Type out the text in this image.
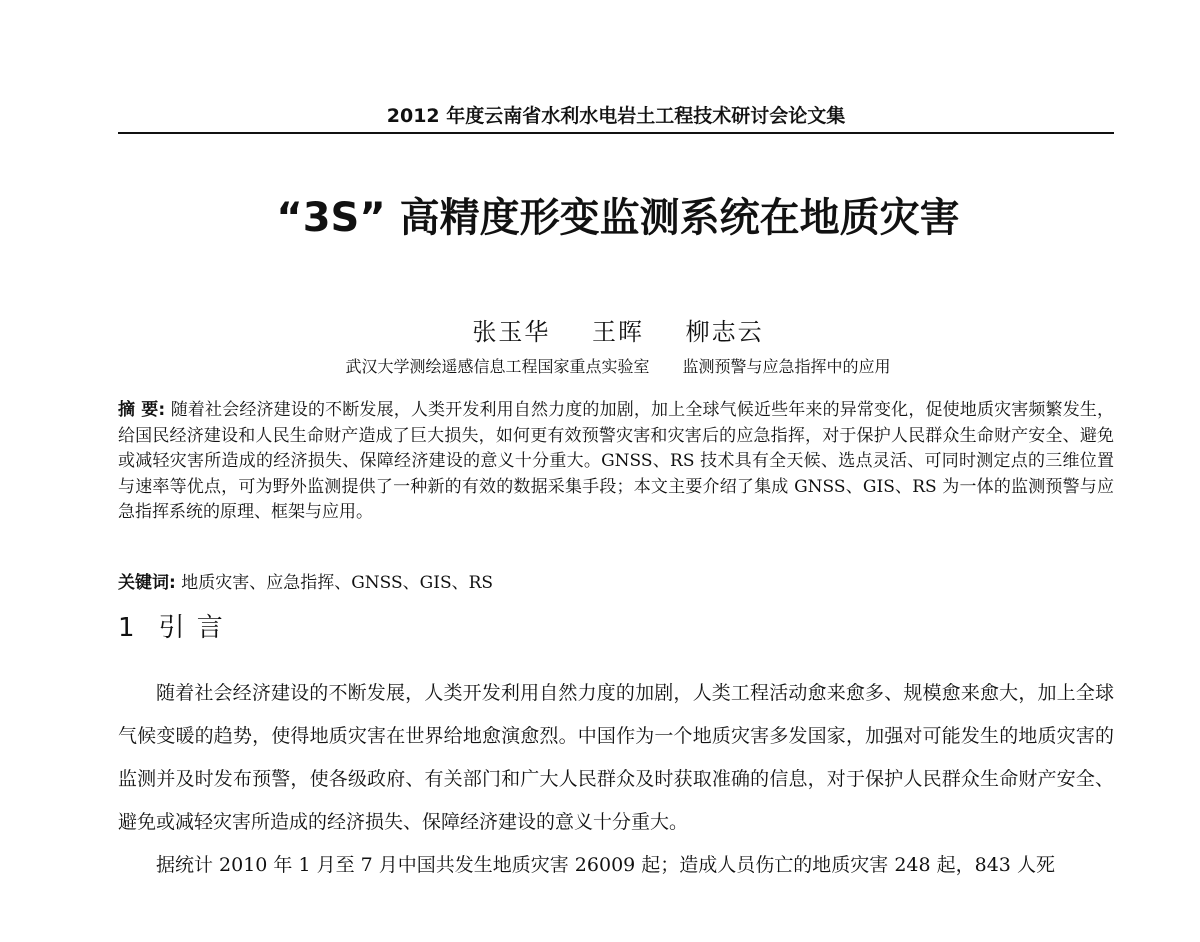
2012 年度云南省水利水电岩土工程技术研讨会论文集
“3S” 高精度形变监测系统在地质灾害
张玉华 王晖 柳志云
武汉大学测绘遥感信息工程国家重点实验室 监测预警与应急指挥中的应用
摘 要: 随着社会经济建设的不断发展，人类开发利用自然力度的加剧，加上全球气候近些年来的异常变化，促使地质灾害频繁发生，给国民经济建设和人民生命财产造成了巨大损失，如何更有效预警灾害和灾害后的应急指挥，对于保护人民群众生命财产安全、避免或减轻灾害所造成的经济损失、保障经济建设的意义十分重大。GNSS、RS 技术具有全天候、选点灵活、可同时测定点的三维位置与速率等优点，可为野外监测提供了一种新的有效的数据采集手段；本文主要介绍了集成 GNSS、GIS、RS 为一体的监测预警与应急指挥系统的原理、框架与应用。
关键词: 地质灾害、应急指挥、GNSS、GIS、RS
1 引 言

随着社会经济建设的不断发展，人类开发利用自然力度的加剧，人类工程活动愈来愈多、规模愈来愈大，加上全球气候变暖的趋势，使得地质灾害在世界给地愈演愈烈。中国作为一个地质灾害多发国家，加强对可能发生的地质灾害的监测并及时发布预警，使各级政府、有关部门和广大人民群众及时获取准确的信息，对于保护人民群众生命财产安全、避免或减轻灾害所造成的经济损失、保障经济建设的意义十分重大。

据统计 2010 年 1 月至 7 月中国共发生地质灾害 26009 起；造成人员伤亡的地质灾害 248 起，843 人死
